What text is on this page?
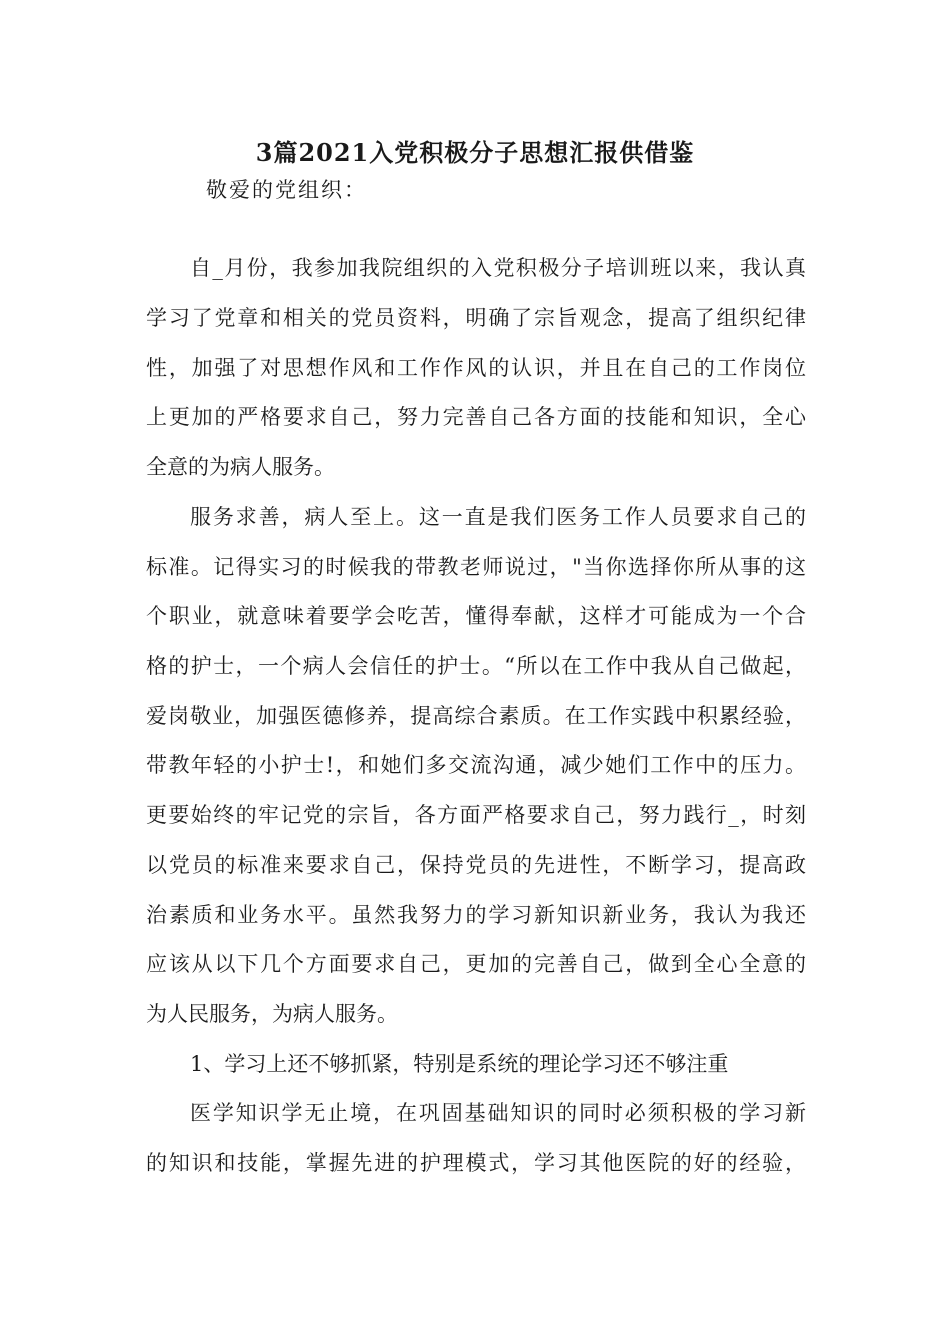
3篇2021入党积极分子思想汇报供借鉴
敬爱的党组织：
自_月份，我参加我院组织的入党积极分子培训班以来，我认真
学习了党章和相关的党员资料，明确了宗旨观念，提高了组织纪律
性，加强了对思想作风和工作作风的认识，并且在自己的工作岗位
上更加的严格要求自己，努力完善自己各方面的技能和知识，全心
全意的为病人服务。
服务求善，病人至上。这一直是我们医务工作人员要求自己的
标准。记得实习的时候我的带教老师说过，"当你选择你所从事的这
个职业，就意味着要学会吃苦，懂得奉献，这样才可能成为一个合
格的护士，一个病人会信任的护士。“所以在工作中我从自己做起，
爱岗敬业，加强医德修养，提高综合素质。在工作实践中积累经验，
带教年轻的小护士!，和她们多交流沟通，减少她们工作中的压力。
更要始终的牢记党的宗旨，各方面严格要求自己，努力践行_，时刻
以党员的标准来要求自己，保持党员的先进性，不断学习，提高政
治素质和业务水平。虽然我努力的学习新知识新业务，我认为我还
应该从以下几个方面要求自己，更加的完善自己，做到全心全意的
为人民服务，为病人服务。
1、学习上还不够抓紧，特别是系统的理论学习还不够注重
医学知识学无止境，在巩固基础知识的同时必须积极的学习新
的知识和技能，掌握先进的护理模式，学习其他医院的好的经验，
